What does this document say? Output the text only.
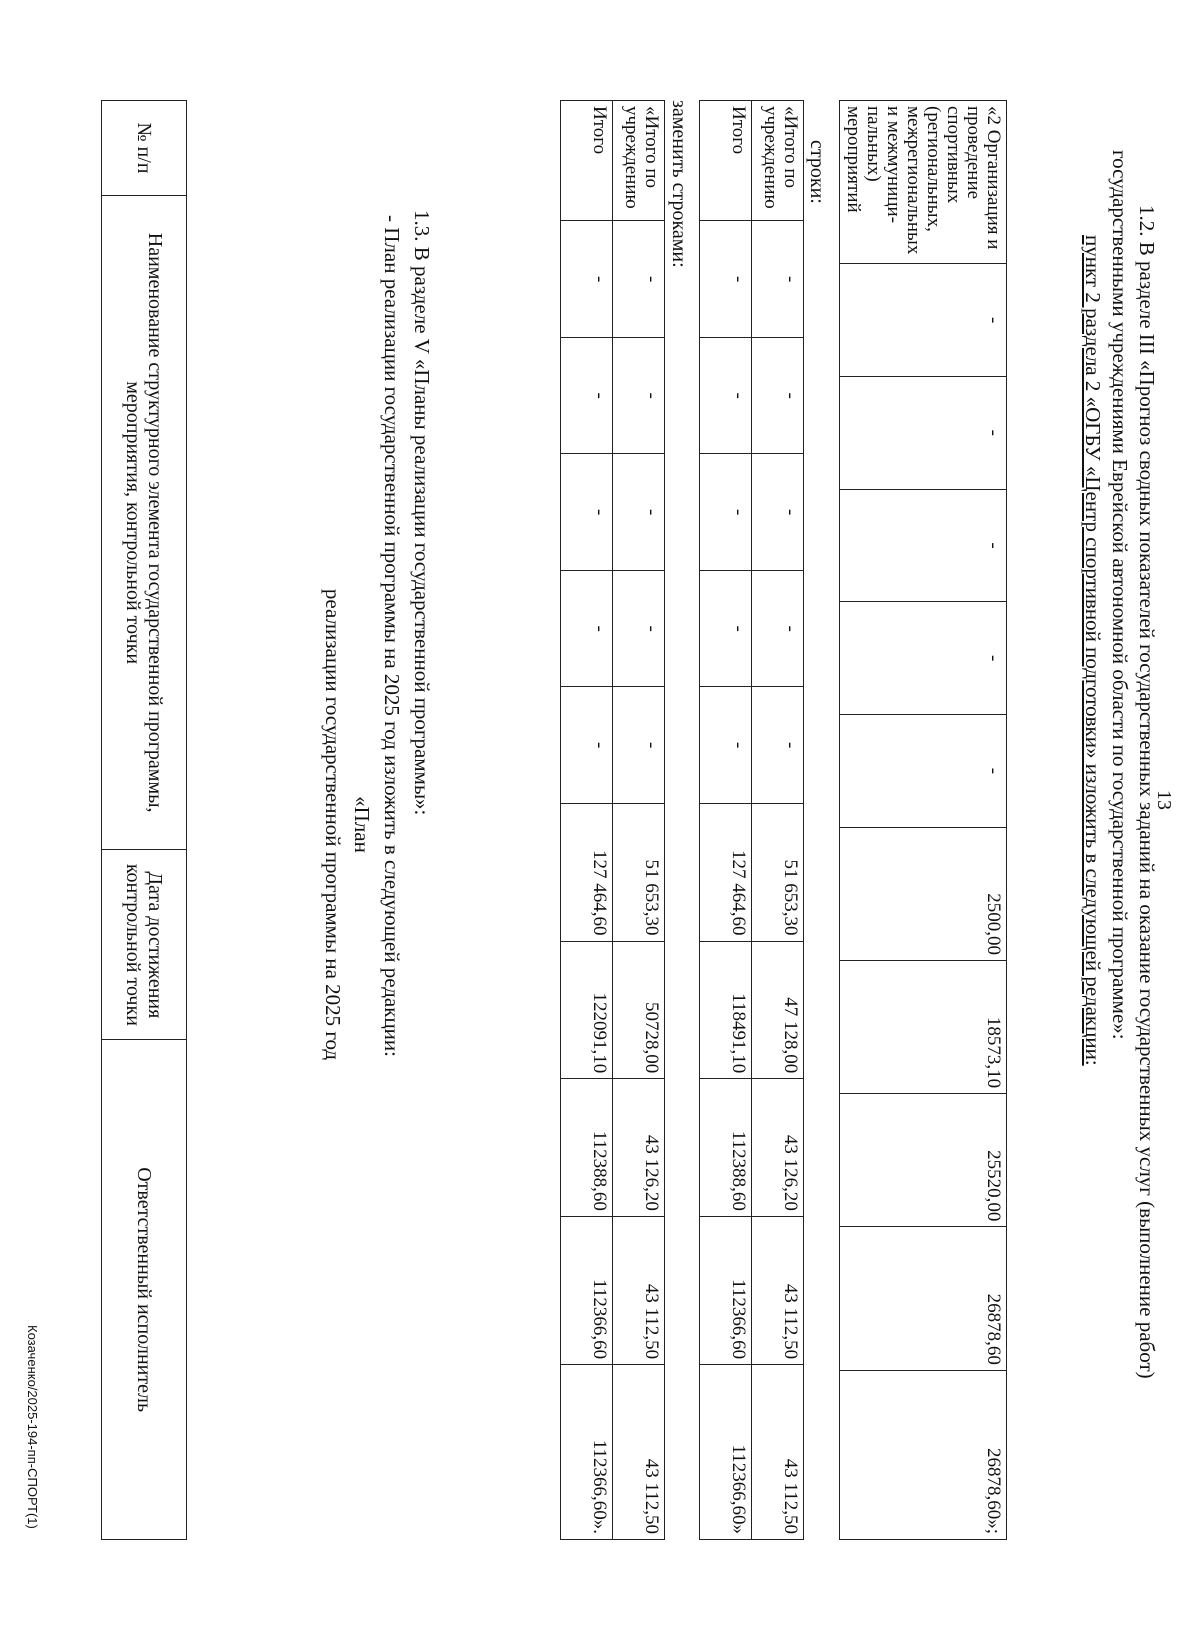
13
1.2. В разделе III «Прогноз сводных показателей государственных заданий на оказание государственных услуг (выполнение работ) государственными учреждениями Еврейской автономной области по государственной программе»:
пункт 2 раздела 2 «ОГБУ «Центр спортивной подготовки» изложить в следующей редакции:
«2 Организация и проведение спортивных (региональных, межрегиональных и межмуници-пальных) мероприятий	-	-	-	-	-	2500,00	18573,10	25520,00	26878,60	26878,60»;
строки:
«Итого по учреждению	-	-	-	-	-	51 653,30	47 128,00	43 126,20	43 112,50	43 112,50
Итого	-	-	-	-	-	127 464,60	118491,10	112388,60	112366,60	112366,60»
заменить строками:
«Итого по учреждению	-	-	-	-	-	51 653,30	50728,00	43 126,20	43 112,50	43 112,50
Итого	-	-	-	-	-	127 464,60	122091,10	112388,60	112366,60	112366,60».
1.3. В разделе V «Планы реализации государственной программы»:
- План реализации государственной программы на 2025 год изложить в следующей редакции:
«План
реализации государственной программы на 2025 год
№ п/п	Наименование структурного элемента государственной программы, мероприятия, контрольной точки	Дата достижения контрольной точки	Ответственный исполнитель
Козаченко/2025-194-пп-СПОРТ(1)
